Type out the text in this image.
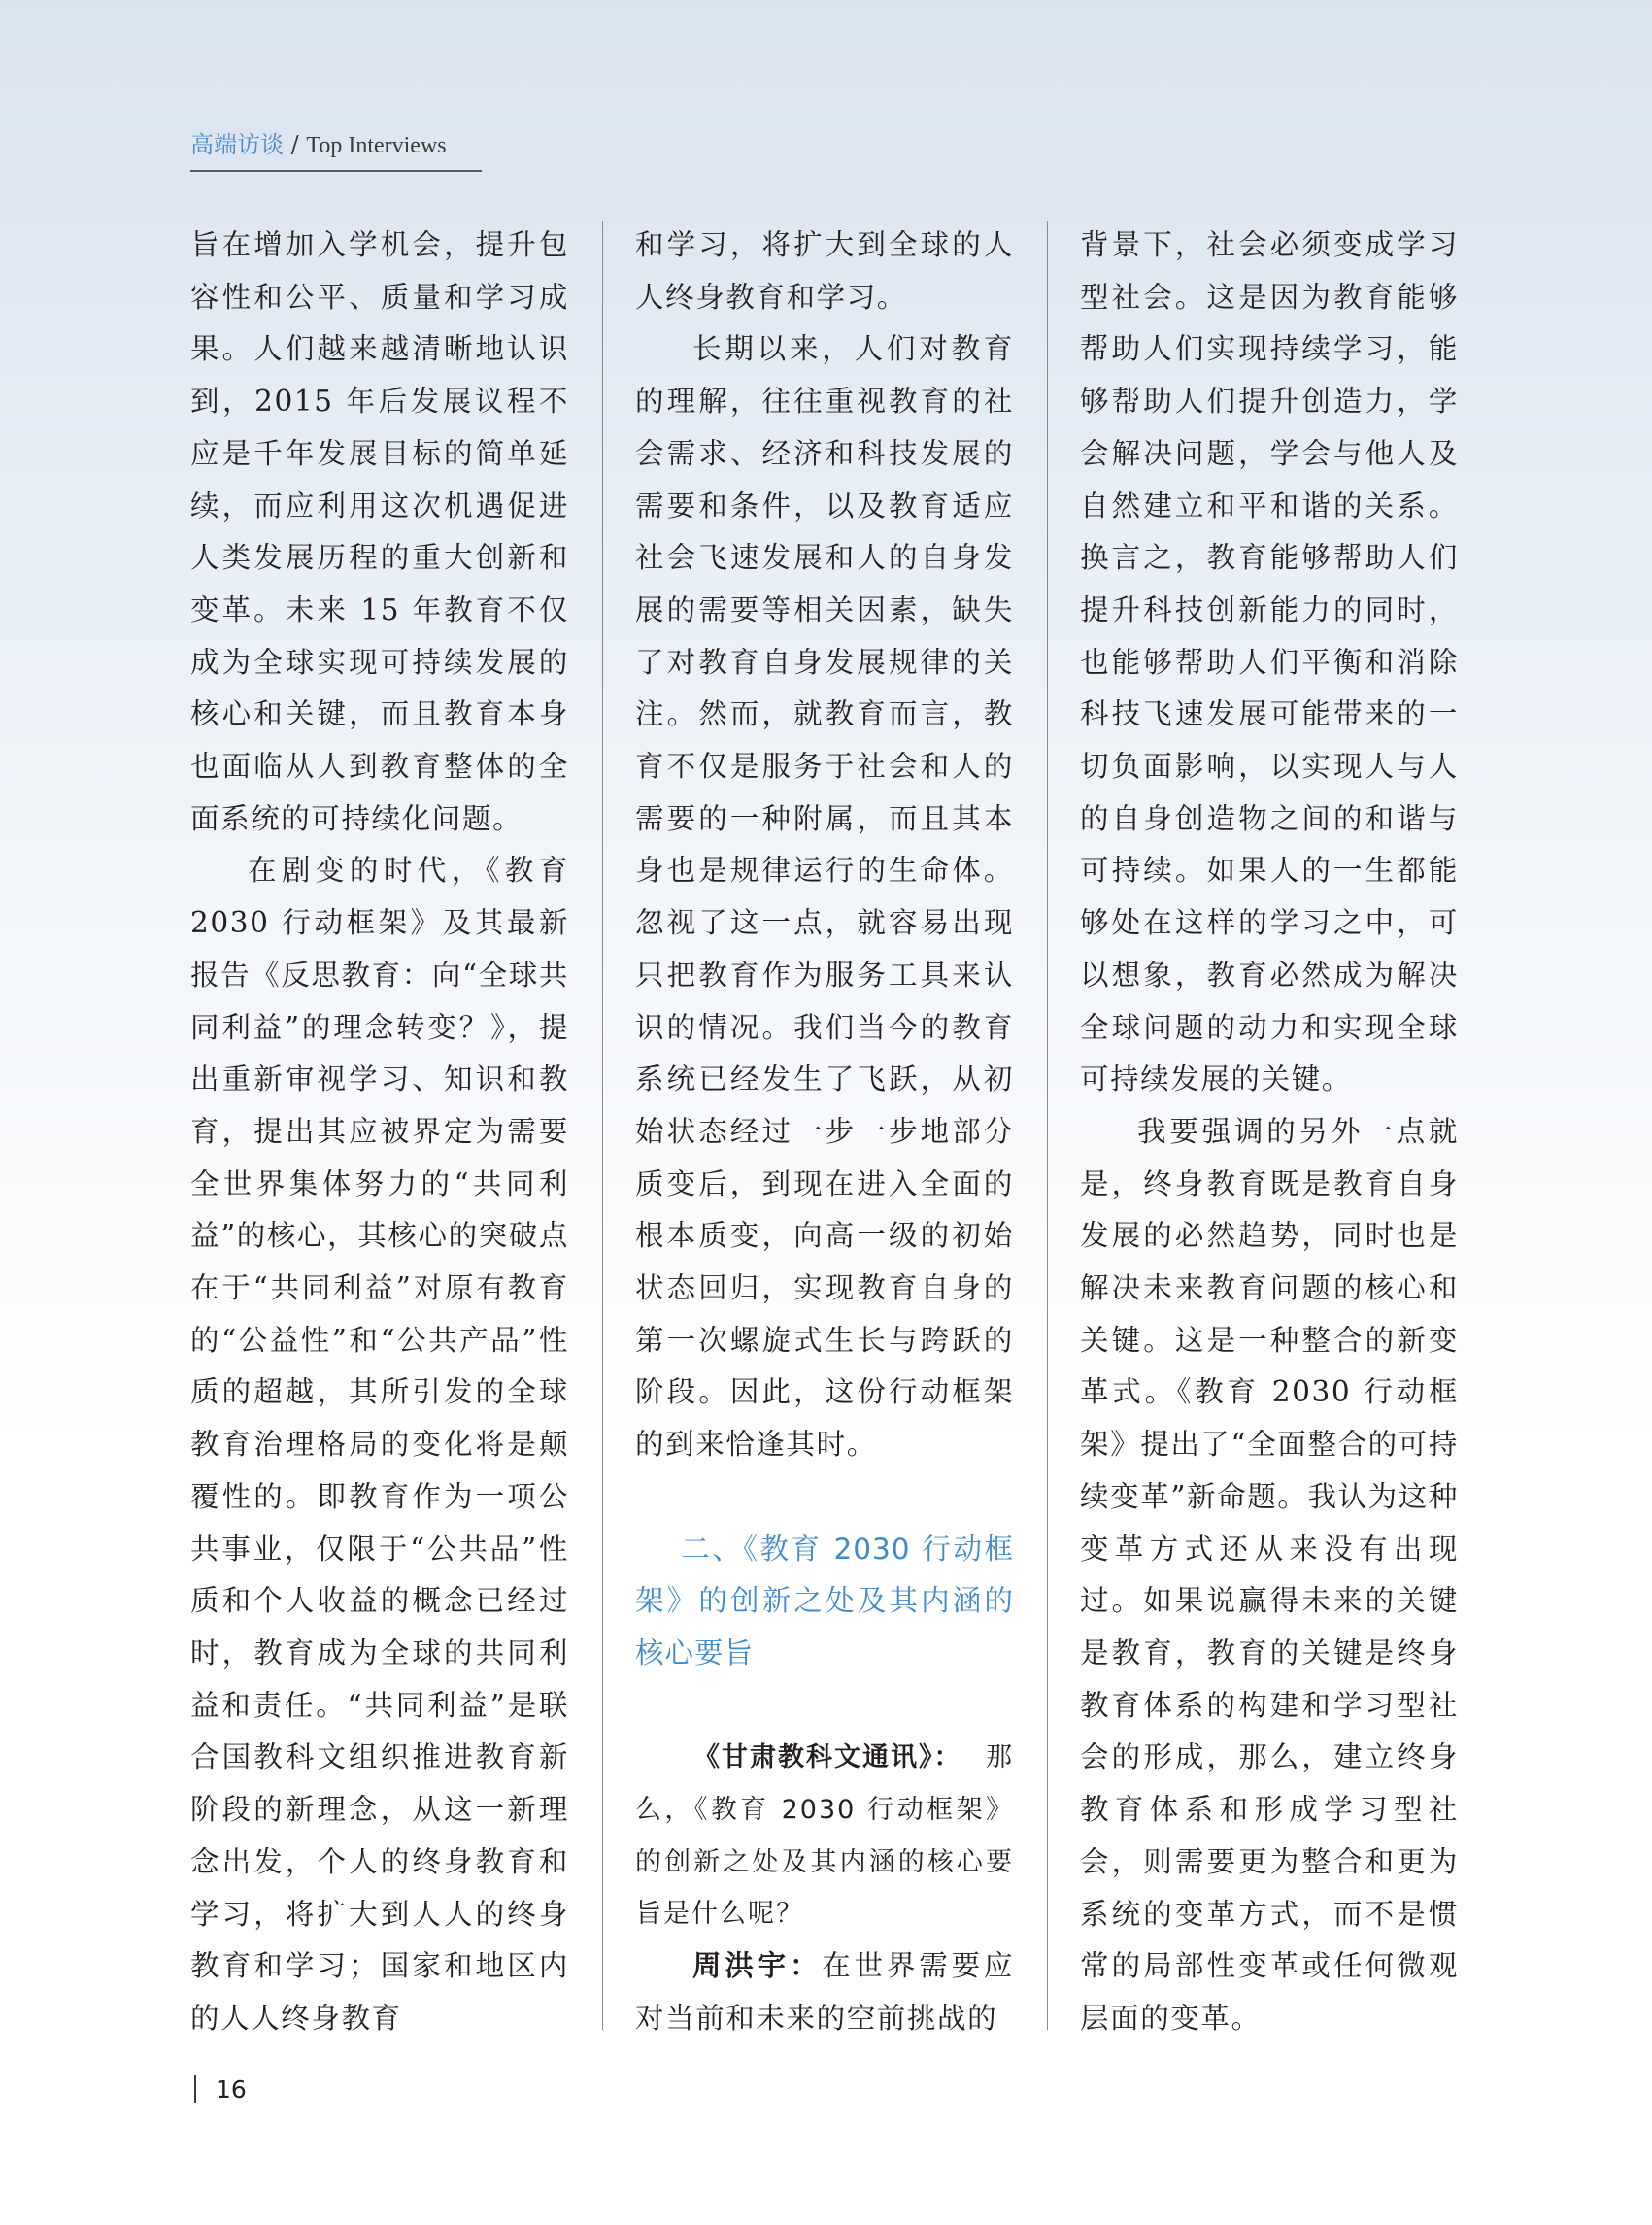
高端访谈 / Top Interviews

旨在增加入学机会，提升包容性和公平、质量和学习成果。人们越来越清晰地认识到，2015 年后发展议程不应是千年发展目标的简单延续，而应利用这次机遇促进人类发展历程的重大创新和变革。未来 15 年教育不仅成为全球实现可持续发展的核心和关键，而且教育本身也面临从人到教育整体的全面系统的可持续化问题。

在剧变的时代，《教育 2030 行动框架》及其最新报告《反思教育：向“全球共同利益”的理念转变？》，提出重新审视学习、知识和教育，提出其应被界定为需要全世界集体努力的“共同利益”的核心，其核心的突破点在于“共同利益”对原有教育的“公益性”和“公共产品”性质的超越，其所引发的全球教育治理格局的变化将是颠覆性的。即教育作为一项公共事业，仅限于“公共品”性质和个人收益的概念已经过时，教育成为全球的共同利益和责任。“共同利益”是联合国教科文组织推进教育新阶段的新理念，从这一新理念出发，个人的终身教育和学习，将扩大到人人的终身教育和学习；国家和地区内的人人终身教育

和学习，将扩大到全球的人人终身教育和学习。

长期以来，人们对教育的理解，往往重视教育的社会需求、经济和科技发展的需要和条件，以及教育适应社会飞速发展和人的自身发展的需要等相关因素，缺失了对教育自身发展规律的关注。然而，就教育而言，教育不仅是服务于社会和人的需要的一种附属，而且其本身也是规律运行的生命体。忽视了这一点，就容易出现只把教育作为服务工具来认识的情况。我们当今的教育系统已经发生了飞跃，从初始状态经过一步一步地部分质变后，到现在进入全面的根本质变，向高一级的初始状态回归，实现教育自身的第一次螺旋式生长与跨跃的阶段。因此，这份行动框架的到来恰逢其时。

二、《教育 2030 行动框架》的创新之处及其内涵的核心要旨

《甘肃教科文通讯》：那么，《教育 2030 行动框架》的创新之处及其内涵的核心要旨是什么呢？

周洪宇：在世界需要应对当前和未来的空前挑战的

背景下，社会必须变成学习型社会。这是因为教育能够帮助人们实现持续学习，能够帮助人们提升创造力，学会解决问题，学会与他人及自然建立和平和谐的关系。换言之，教育能够帮助人们提升科技创新能力的同时，也能够帮助人们平衡和消除科技飞速发展可能带来的一切负面影响，以实现人与人的自身创造物之间的和谐与可持续。如果人的一生都能够处在这样的学习之中，可以想象，教育必然成为解决全球问题的动力和实现全球可持续发展的关键。

我要强调的另外一点就是，终身教育既是教育自身发展的必然趋势，同时也是解决未来教育问题的核心和关键。这是一种整合的新变革式。《教育 2030 行动框架》提出了“全面整合的可持续变革”新命题。我认为这种变革方式还从来没有出现过。如果说赢得未来的关键是教育，教育的关键是终身教育体系的构建和学习型社会的形成，那么，建立终身教育体系和形成学习型社会，则需要更为整合和更为系统的变革方式，而不是惯常的局部性变革或任何微观层面的变革。

16
